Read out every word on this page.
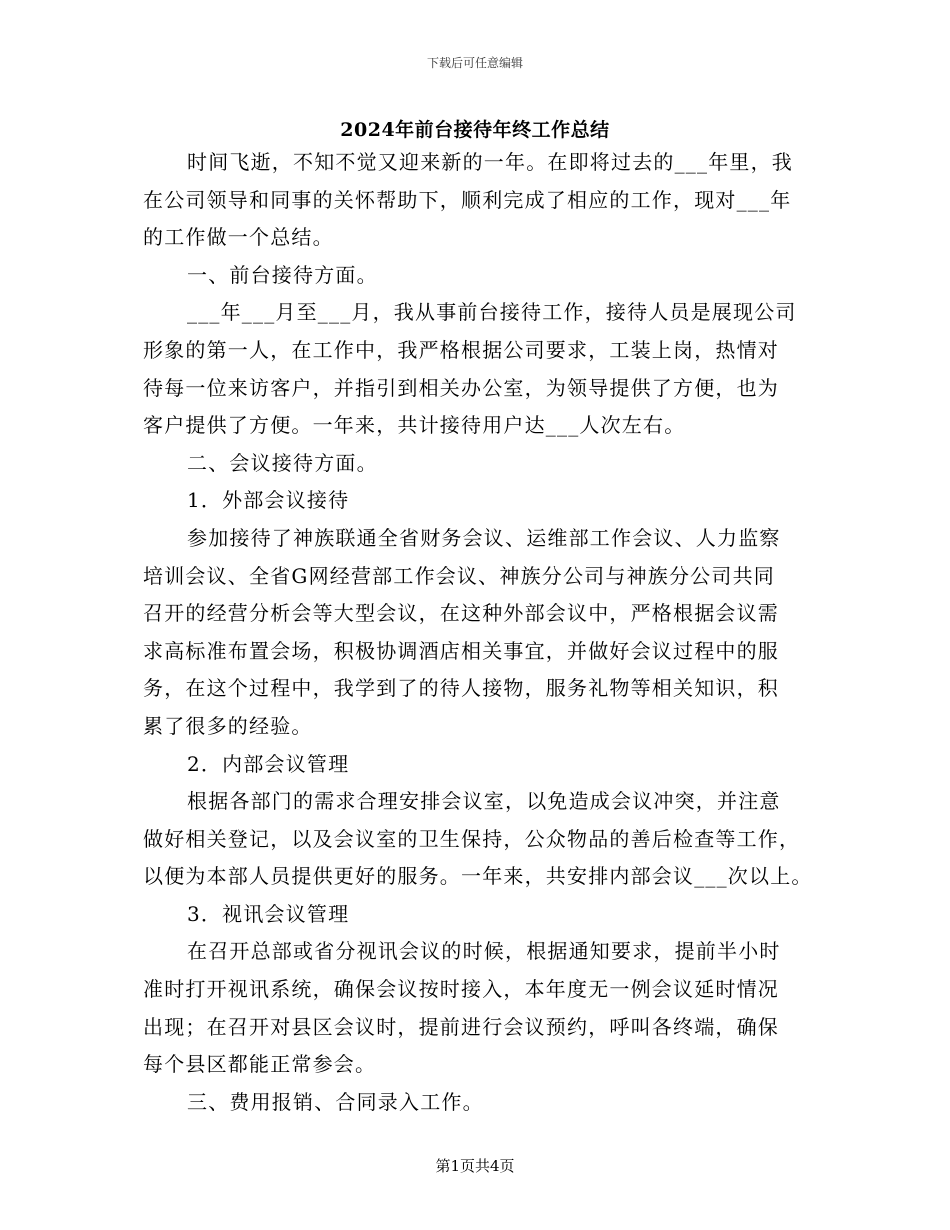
下载后可任意编辑
2024年前台接待年终工作总结
时间飞逝，不知不觉又迎来新的一年。在即将过去的___年里，我
在公司领导和同事的关怀帮助下，顺利完成了相应的工作，现对___年
的工作做一个总结。
一、前台接待方面。
___年___月至___月，我从事前台接待工作，接待人员是展现公司
形象的第一人，在工作中，我严格根据公司要求，工装上岗，热情对
待每一位来访客户，并指引到相关办公室，为领导提供了方便，也为
客户提供了方便。一年来，共计接待用户达___人次左右。
二、会议接待方面。
1．外部会议接待
参加接待了神族联通全省财务会议、运维部工作会议、人力监察
培训会议、全省G网经营部工作会议、神族分公司与神族分公司共同
召开的经营分析会等大型会议，在这种外部会议中，严格根据会议需
求高标准布置会场，积极协调酒店相关事宜，并做好会议过程中的服
务，在这个过程中，我学到了的待人接物，服务礼物等相关知识，积
累了很多的经验。
2．内部会议管理
根据各部门的需求合理安排会议室，以免造成会议冲突，并注意
做好相关登记，以及会议室的卫生保持，公众物品的善后检查等工作，
以便为本部人员提供更好的服务。一年来，共安排内部会议___次以上。
3．视讯会议管理
在召开总部或省分视讯会议的时候，根据通知要求，提前半小时
准时打开视讯系统，确保会议按时接入，本年度无一例会议延时情况
出现；在召开对县区会议时，提前进行会议预约，呼叫各终端，确保
每个县区都能正常参会。
三、费用报销、合同录入工作。
第1页共4页
